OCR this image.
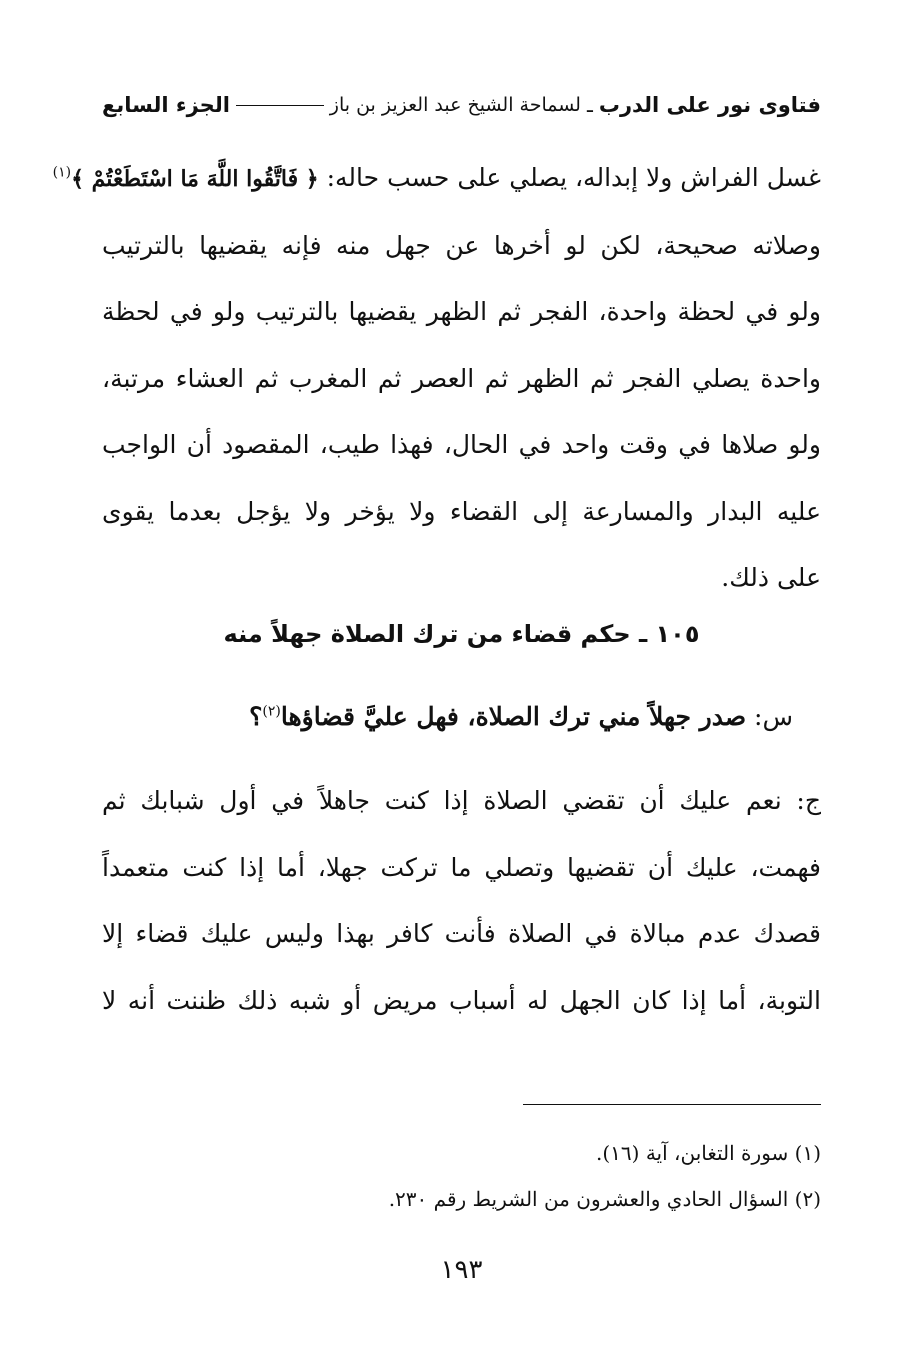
فتاوى نور على الدرب
ـ
لسماحة الشيخ عبد العزيز بن باز
الجزء السابع
غسل الفراش ولا إبداله، يصلي على حسب حاله: ﴿ فَاتَّقُوا اللَّهَ مَا اسْتَطَعْتُمْ ﴾$^{(١)}$
وصلاته صحيحة، لكن لو أخرها عن جهل منه فإنه يقضيها بالترتيب
ولو في لحظة واحدة، الفجر ثم الظهر يقضيها بالترتيب ولو في لحظة
واحدة يصلي الفجر ثم الظهر ثم العصر ثم المغرب ثم العشاء مرتبة،
ولو صلاها في وقت واحد في الحال، فهذا طيب، المقصود أن الواجب
عليه البدار والمسارعة إلى القضاء ولا يؤخر ولا يؤجل بعدما يقوى
على ذلك.
١٠٥ ـ حكم قضاء من ترك الصلاة جهلاً منه
س: صدر جهلاً مني ترك الصلاة، فهل عليَّ قضاؤها$^{(٢)}$؟
ج: نعم عليك أن تقضي الصلاة إذا كنت جاهلاً في أول شبابك ثم
فهمت، عليك أن تقضيها وتصلي ما تركت جهلا، أما إذا كنت متعمداً
قصدك عدم مبالاة في الصلاة فأنت كافر بهذا وليس عليك قضاء إلا
التوبة، أما إذا كان الجهل له أسباب مريض أو شبه ذلك ظننت أنه لا
(١) سورة التغابن، آية (١٦).
(٢) السؤال الحادي والعشرون من الشريط رقم ٢٣٠.
١٩٣
